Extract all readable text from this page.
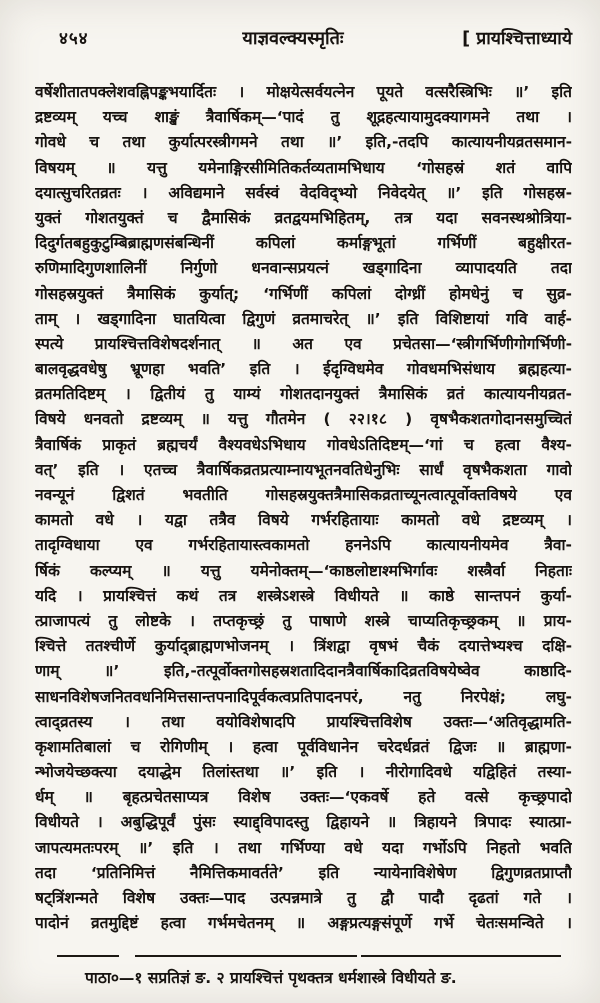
४५४	याज्ञवल्क्यस्मृतिः	[ प्रायश्चित्ताध्याये
वर्षेशीतातपक्लेशवह्निपङ्कभयार्दितः । मोक्षयेत्सर्वयत्नेन पूयते वत्सरैस्त्रिभिः ॥’ इति
द्रष्टव्यम् यच्च शाङ्खं त्रैवार्षिकम्—‘पादं तु शूद्रहत्यायामुदक्यागमने तथा ।
गोवधे च तथा कुर्यात्परस्त्रीगमने तथा ॥’ इति,-तदपि कात्यायनीयव्रतसमान-
विषयम् ॥ यत्तु यमेनाङ्गिरसीमितिकर्तव्यतामभिधाय ‘गोसहस्रं शतं वापि
दयात्सुचरितव्रतः । अविद्यमाने सर्वस्वं वेदविद्भ्यो निवेदयेत् ॥’ इति गोसहस्र-
युक्तं गोशतयुक्तं च द्वैमासिकं व्रतद्वयमभिहितम्, तत्र यदा सवनस्थश्रोत्रिया-
दिदुर्गतबहुकुटुम्बिब्राह्मणसंबन्धिनीं कपिलां कर्माङ्गभूतां गर्भिणीं बहुक्षीरत-
रुणिमादिगुणशालिनीं निर्गुणो धनवान्सप्रयत्नं खड्गादिना व्यापादयति तदा
गोसहस्रयुक्तं त्रैमासिकं कुर्यात्; ‘गर्भिणीं कपिलां दोग्ध्रीं होमधेनुं च सुव्र-
ताम् । खड्गादिना घातयित्वा द्विगुणं व्रतमाचरेत् ॥’ इति विशिष्टायां गवि वार्ह-
स्पत्ये प्रायश्चित्तविशेषदर्शनात् ॥ अत एव प्रचेतसा—‘स्त्रीगर्भिणीगोगर्भिणी-
बालवृद्धवधेषु भ्रूणहा भवति’ इति । ईदृग्विधमेव गोवधमभिसंधाय ब्रह्महत्या-
व्रतमतिदिष्टम् । द्वितीयं तु याम्यं गोशतदानयुक्तं त्रैमासिकं व्रतं कात्यायनीयव्रत-
विषये धनवतो द्रष्टव्यम् ॥ यत्तु गौतमेन ( २२।१८ ) वृषभैकशतगोदानसमुच्चितं
त्रैवार्षिकं प्राकृतं ब्रह्मचर्यं वैश्यवधेऽभिधाय गोवधेऽतिदिष्टम्—‘गां च हत्वा वैश्य-
वत्’ इति । एतच्च त्रैवार्षिकव्रतप्रत्याम्नायभूतनवतिधेनुभिः सार्धं वृषभैकशता गावो
नवन्यूनं द्विशतं भवतीति गोसहस्रयुक्तत्रैमासिकव्रताच्यूनत्वात्पूर्वोक्तविषये एव
कामतो वधे । यद्वा तत्रैव विषये गर्भरहितायाः कामतो वधे द्रष्टव्यम् ।
तादृग्विधाया एव गर्भरहितायास्त्वकामतो हननेऽपि कात्यायनीयमेव त्रैवा-
र्षिकं कल्प्यम् ॥ यत्तु यमेनोक्तम्—‘काष्ठलोष्टाश्मभिर्गावः शस्त्रैर्वा निहताः
यदि । प्रायश्चित्तं कथं तत्र शस्त्रेऽशस्त्रे विधीयते ॥ काष्ठे सान्तपनं कुर्या-
त्प्राजापत्यं तु लोष्टके । तप्तकृच्छ्रं तु पाषाणे शस्त्रे चाप्यतिकृच्छ्रकम् ॥ प्राय-
श्चित्ते ततश्चीर्णे कुर्याद्ब्राह्मणभोजनम् । त्रिंशद्वा वृषभं चैकं दयात्तेभ्यश्च दक्षि-
णाम् ॥’ इति,-तत्पूर्वोक्तगोसहस्रशतादिदानत्रैवार्षिकादिव्रतविषयेष्वेव काष्ठादि-
साधनविशेषजनितवधनिमित्तसान्तपनादिपूर्वकत्वप्रतिपादनपरं, नतु निरपेक्षं; लघु-
त्वाद्व्रतस्य । तथा वयोविशेषादपि प्रायश्चित्तविशेष उक्तः—‘अतिवृद्धामति-
कृशामतिबालां च रोगिणीम् । हत्वा पूर्वविधानेन चरेदर्धव्रतं द्विजः ॥ ब्राह्मणा-
न्भोजयेच्छक्त्या दयाद्धेम तिलांस्तथा ॥’ इति । नीरोगादिवधे यद्विहितं तस्या-
र्धम् ॥ बृहत्प्रचेतसाप्यत्र विशेष उक्तः—‘एकवर्षे हते वत्से कृच्छ्रपादो
विधीयते । अबुद्धिपूर्वं पुंसः स्याद्द्विपादस्तु द्विहायने ॥ त्रिहायने त्रिपादः स्यात्प्रा-
जापत्यमतःपरम् ॥’ इति । तथा गर्भिण्या वधे यदा गर्भोऽपि निहतो भवति
तदा ‘प्रतिनिमित्तं नैमित्तिकमावर्तते’ इति न्यायेनाविशेषेण द्विगुणव्रतप्राप्तौ
षट्त्रिंशन्मते विशेष उक्तः—पाद उत्पन्नमात्रे तु द्वौ पादौ दृढतां गते ।
पादोनं व्रतमुद्दिष्टं हत्वा गर्भमचेतनम् ॥ अङ्गप्रत्यङ्गसंपूर्णे गर्भे चेतःसमन्विते ।
पाठा०—१ सप्रतिज्ञं ङ. २ प्रायश्चित्तं पृथक्तत्र धर्मशास्त्रे विधीयते ङ.
